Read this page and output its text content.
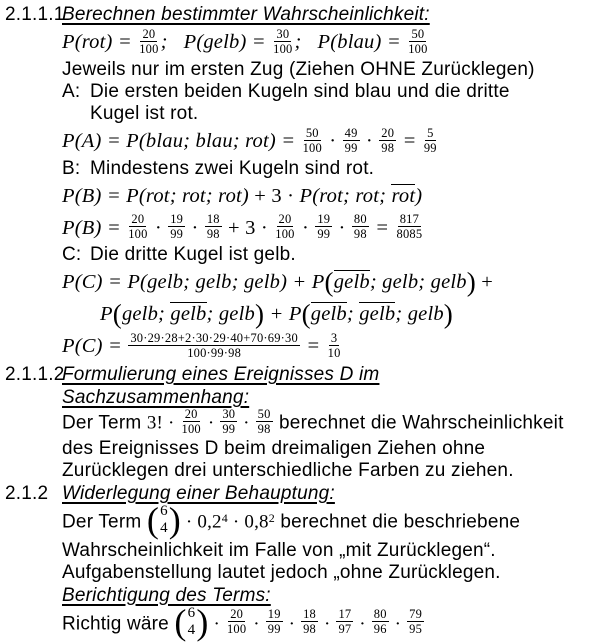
2.1.1.1
Berechnen bestimmter Wahrscheinlichkeit:
$P(rot) = \frac{20}{100}$ ;   P(gelb) = $\frac{30}{100}$ ;   P(blau) = $\frac{50}{100}$
Jeweils nur im ersten Zug (Ziehen OHNE Zurücklegen)
A: Die ersten beiden Kugeln sind blau und die dritte
Kugel ist rot.
P(A) = P(blau; blau; $rot) = \frac{50}{100} \cdot \frac{49}{99} \cdot \frac{20}{98} = \frac{5}{99}$
B: Mindestens zwei Kugeln sind rot.
P(B) = P(rot; rot; rot) + 3 · P(rot; rot; rot)
$P(B) = \frac{20}{100} \cdot \frac{19}{99} \cdot \frac{18}{98} + 3 \cdot \frac{20}{100} \cdot \frac{19}{99} \cdot \frac{80}{98} = \frac{817}{8085}$
C: Die dritte Kugel ist gelb.
P(C) = P(gelb; gelb; gelb) + P(gelb; gelb; gelb) +
P(gelb; gelb; gelb) + P(gelb; gelb; gelb)
$P(C) = \frac{30\cdot 29\cdot 28+2\cdot 30\cdot 29\cdot 40+70\cdot 69\cdot 30}{100\cdot 99\cdot 98} = \frac{3}{10}$
2.1.1.2
Formulierung eines Ereignisses D im
Sachzusammenhang:
Der Term 3! · $\frac{20}{100} \cdot \frac{30}{99} \cdot \frac{50}{98}$ berechnet die Wahrscheinlichkeit
des Ereignisses D beim dreimaligen Ziehen ohne
Zurücklegen drei unterschiedliche Farben zu ziehen.
2.1.2 Widerlegung einer Behauptung:
Der Term ( 6
4 ) · $0,2^4 \cdot 0,8^2$ berechnet die beschriebene
Wahrscheinlichkeit im Falle von „mit Zurücklegen“.
Aufgabenstellung lautet jedoch „ohne Zurücklegen.
Berichtigung des Terms:
Richtig wäre ( 6
4 ) · $\frac{20}{100} \cdot \frac{19}{99} \cdot \frac{18}{98} \cdot \frac{17}{97} \cdot \frac{80}{96} \cdot \frac{79}{95}$
